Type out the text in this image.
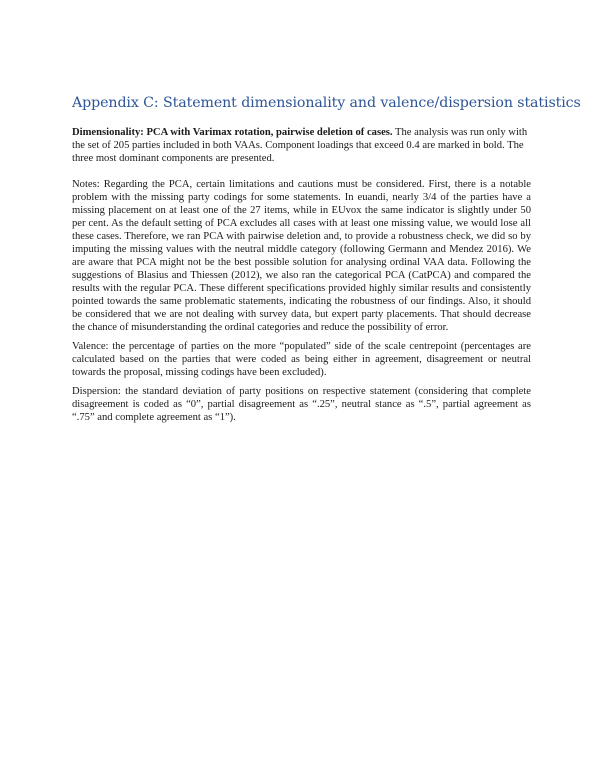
Appendix C: Statement dimensionality and valence/dispersion statistics

Dimensionality: PCA with Varimax rotation, pairwise deletion of cases. The analysis was run only with the set of 205 parties included in both VAAs. Component loadings that exceed 0.4 are marked in bold. The three most dominant components are presented.

Notes: Regarding the PCA, certain limitations and cautions must be considered. First, there is a notable problem with the missing party codings for some statements. In euandi, nearly 3/4 of the parties have a missing placement on at least one of the 27 items, while in EUvox the same indicator is slightly under 50 per cent. As the default setting of PCA excludes all cases with at least one missing value, we would lose all these cases. Therefore, we ran PCA with pairwise deletion and, to provide a robustness check, we did so by imputing the missing values with the neutral middle category (following Germann and Mendez 2016). We are aware that PCA might not be the best possible solution for analysing ordinal VAA data. Following the suggestions of Blasius and Thiessen (2012), we also ran the categorical PCA (CatPCA) and compared the results with the regular PCA. These different specifications provided highly similar results and consistently pointed towards the same problematic statements, indicating the robustness of our findings. Also, it should be considered that we are not dealing with survey data, but expert party placements. That should decrease the chance of misunderstanding the ordinal categories and reduce the possibility of error.

Valence: the percentage of parties on the more “populated” side of the scale centrepoint (percentages are calculated based on the parties that were coded as being either in agreement, disagreement or neutral towards the proposal, missing codings have been excluded).

Dispersion: the standard deviation of party positions on respective statement (considering that complete disagreement is coded as “0”, partial disagreement as “.25”, neutral stance as “.5”, partial agreement as “.75” and complete agreement as “1”).
